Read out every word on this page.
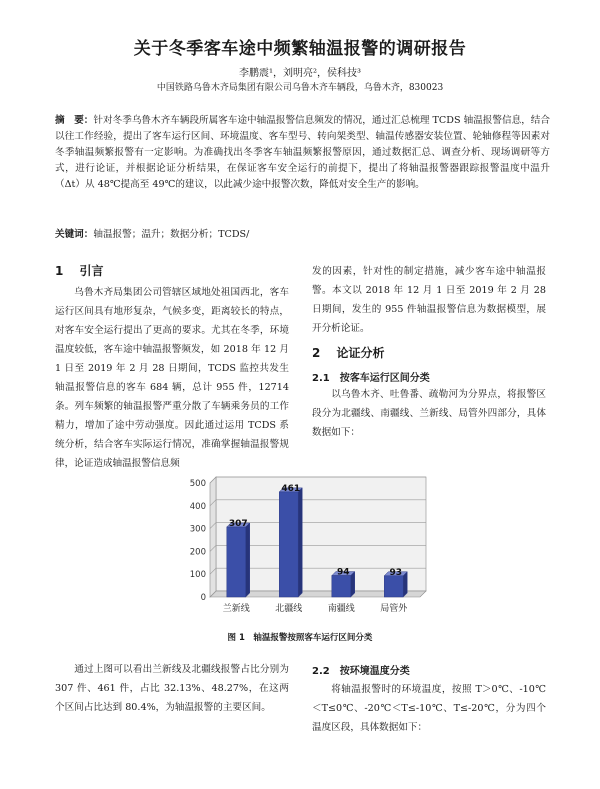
关于冬季客车途中频繁轴温报警的调研报告
李鹏震¹，刘明亮²，侯科技³
中国铁路乌鲁木齐局集团有限公司乌鲁木齐车辆段，乌鲁木齐，830023
摘　要：针对冬季乌鲁木齐车辆段所属客车途中轴温报警信息频发的情况，通过汇总梳理 TCDS 轴温报警信息，结合以往工作经验，提出了客车运行区间、环境温度、客车型号、转向架类型、轴温传感器安装位置、轮轴修程等因素对冬季轴温频繁报警有一定影响。为准确找出冬季客车轴温频繁报警原因，通过数据汇总、调查分析、现场调研等方式，进行论证，并根据论证分析结果，在保证客车安全运行的前提下，提出了将轴温报警器跟踪报警温度中温升（Δt）从 48℃提高至 49℃的建议，以此减少途中报警次数，降低对安全生产的影响。
关键词：轴温报警；温升；数据分析；TCDS/
1 引言

乌鲁木齐局集团公司管辖区域地处祖国西北，客车运行区间具有地形复杂，气候多变，距离较长的特点，对客车安全运行提出了更高的要求。尤其在冬季，环境温度较低，客车途中轴温报警频发，如 2018 年 12 月 1 日至 2019 年 2 月 28 日期间，TCDS 监控共发生轴温报警信息的客车 684 辆，总计 955 件，12714 条。列车频繁的轴温报警严重分散了车辆乘务员的工作精力，增加了途中劳动强度。因此通过运用 TCDS 系统分析，结合客车实际运行情况，准确掌握轴温报警规律，论证造成轴温报警信息频

发的因素，针对性的制定措施，减少客车途中轴温报警。本文以 2018 年 12 月 1 日至 2019 年 2 月 28 日期间，发生的 955 件轴温报警信息为数据模型，展开分析论证。

2 论证分析
2.1　按客车运行区间分类

以乌鲁木齐、吐鲁番、疏勒河为分界点，将报警区段分为北疆线、南疆线、兰新线、局管外四部分，具体数据如下：

0
100
200
300
400
500
307
兰新线
461
北疆线
94
南疆线
93
局管外
图 1　轴温报警按照客车运行区间分类

通过上图可以看出兰新线及北疆线报警占比分别为 307 件、461 件，占比 32.13%、48.27%，在这两个区间占比达到 80.4%，为轴温报警的主要区间。

2.2　按环境温度分类

将轴温报警时的环境温度，按照 T＞0℃、-10℃＜T≤0℃、-20℃＜T≤-10℃、T≤-20℃，分为四个温度区段，具体数据如下：
